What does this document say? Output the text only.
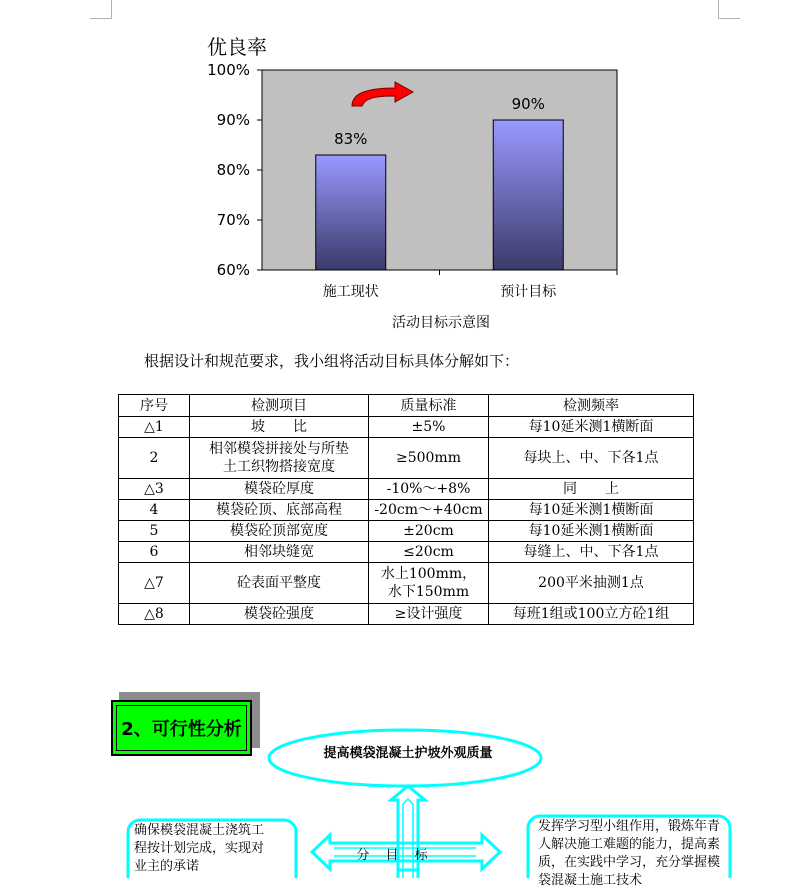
优良率
60%
70%
80%
90%
100%
83%
90%
施工现状	预计目标
活动目标示意图
根据设计和规范要求，我小组将活动目标具体分解如下：
序号	检测项目	质量标准	检测频率
△1	坡　　比	±5%	每10延米测1横断面
2	相邻模袋拼接处与所垫土工织物搭接宽度	≥500mm	每块上、中、下各1点
△3	模袋砼厚度	-10%～+8%	同　　上
4	模袋砼顶、底部高程	-20cm～+40cm	每10延米测1横断面
5	模袋砼顶部宽度	±20cm	每10延米测1横断面
6	相邻块缝宽	≤20cm	每缝上、中、下各1点
△7	砼表面平整度	水上100mm，水下150mm	200平米抽测1点
△8	模袋砼强度	≥设计强度	每班1组或100立方砼1组
2、可行性分析
提高模袋混凝土护坡外观质量
分 目 标
确保模袋混凝土浇筑工程按计划完成，实现对业主的承诺
发挥学习型小组作用，锻炼年青人解决施工难题的能力，提高素质，在实践中学习，充分掌握模袋混凝土施工技术
